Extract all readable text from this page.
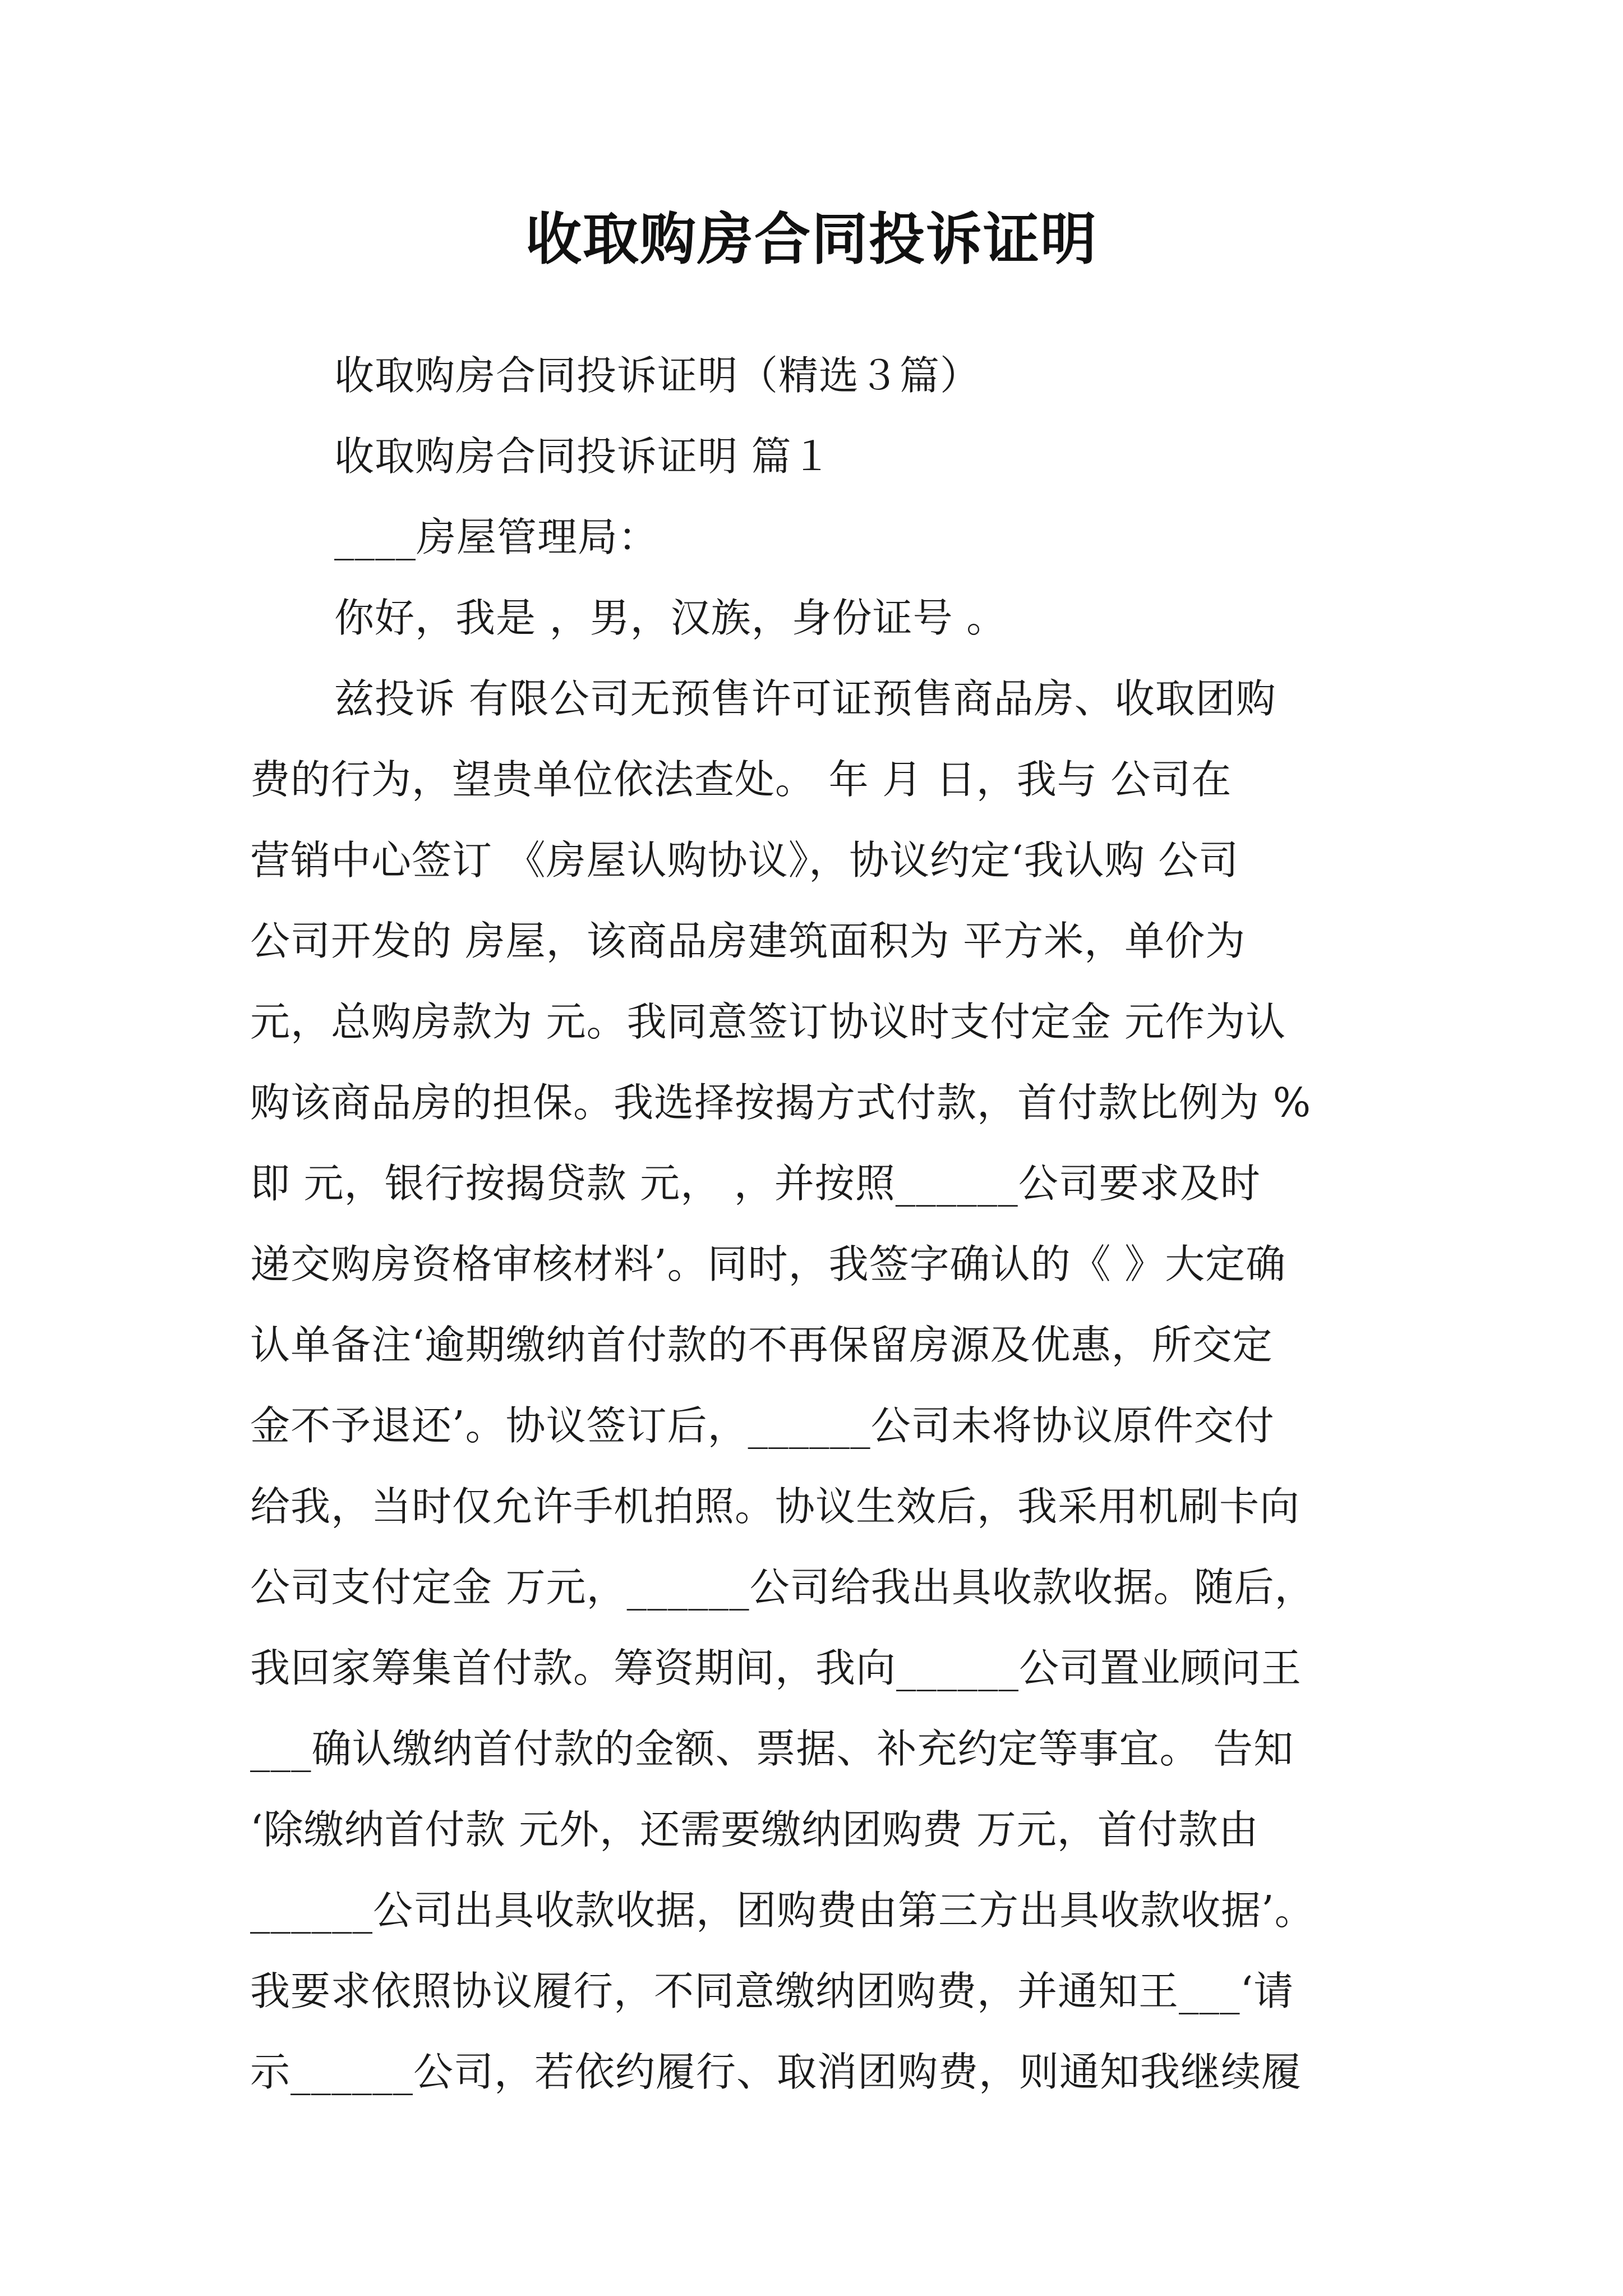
收取购房合同投诉证明
收取购房合同投诉证明（精选３篇）
收取购房合同投诉证明 篇１
____房屋管理局：
你好，我是 ，男，汉族，身份证号 。
兹投诉 有限公司无预售许可证预售商品房、收取团购
费的行为，望贵单位依法查处。 年 月 日，我与 公司在
营销中心签订 《房屋认购协议》，协议约定‘我认购 公司
公司开发的 房屋，该商品房建筑面积为 平方米，单价为
元，总购房款为 元。我同意签订协议时支付定金 元作为认
购该商品房的担保。我选择按揭方式付款，首付款比例为 %
即 元，银行按揭贷款 元， ，并按照______公司要求及时
递交购房资格审核材料’。同时，我签字确认的《 》大定确
认单备注‘逾期缴纳首付款的不再保留房源及优惠，所交定
金不予退还’。协议签订后，______公司未将协议原件交付
给我，当时仅允许手机拍照。协议生效后，我采用机刷卡向
公司支付定金 万元，______公司给我出具收款收据。随后，
我回家筹集首付款。筹资期间，我向______公司置业顾问王
___确认缴纳首付款的金额、票据、补充约定等事宜。 告知
‘除缴纳首付款 元外，还需要缴纳团购费 万元，首付款由
______公司出具收款收据，团购费由第三方出具收款收据’。
我要求依照协议履行，不同意缴纳团购费，并通知王___‘请
示______公司，若依约履行、取消团购费，则通知我继续履
